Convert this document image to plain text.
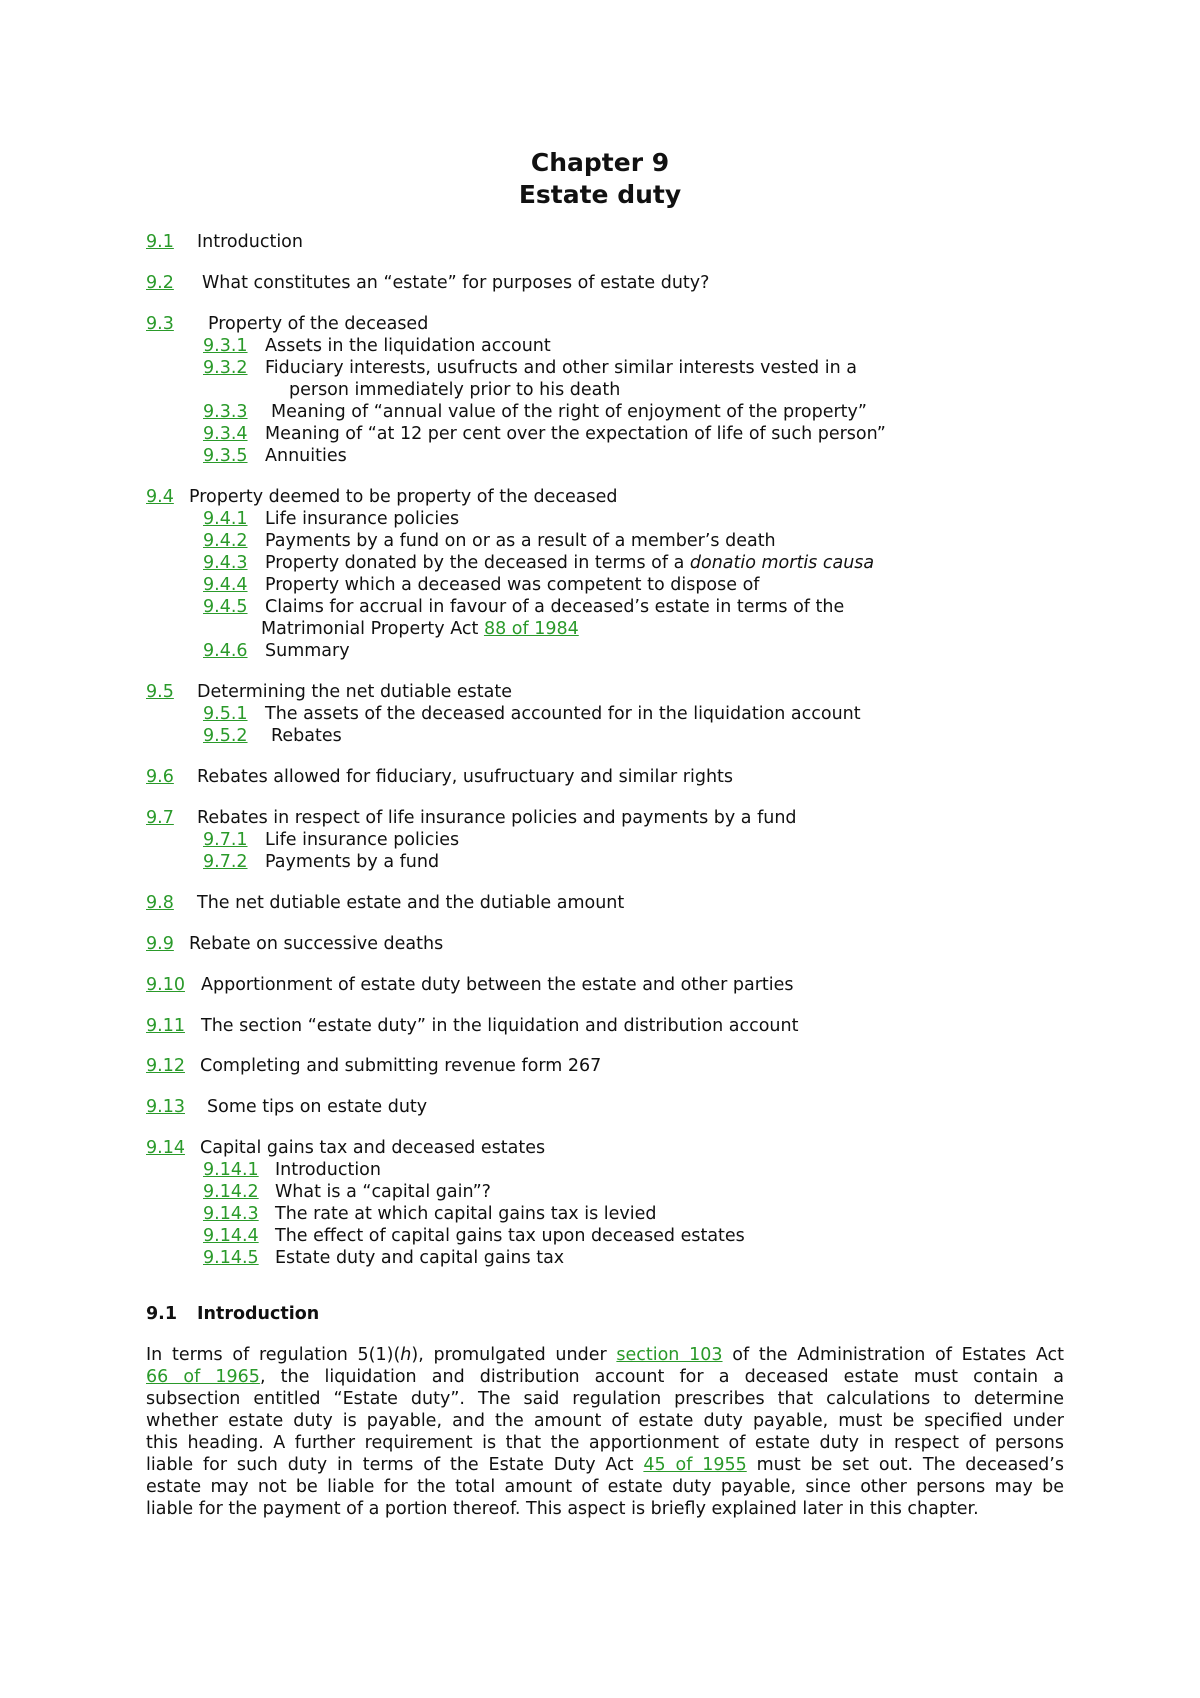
Chapter 9
Estate duty
9.1 Introduction
9.2 What constitutes an “estate” for purposes of estate duty?
9.3 Property of the deceased
9.3.1 Assets in the liquidation account
9.3.2 Fiduciary interests, usufructs and other similar interests vested in a
person immediately prior to his death
9.3.3 Meaning of “annual value of the right of enjoyment of the property”
9.3.4 Meaning of “at 12 per cent over the expectation of life of such person”
9.3.5 Annuities
9.4 Property deemed to be property of the deceased
9.4.1 Life insurance policies
9.4.2 Payments by a fund on or as a result of a member’s death
9.4.3 Property donated by the deceased in terms of a donatio mortis causa
9.4.4 Property which a deceased was competent to dispose of
9.4.5 Claims for accrual in favour of a deceased’s estate in terms of the
Matrimonial Property Act 88 of 1984
9.4.6 Summary
9.5 Determining the net dutiable estate
9.5.1 The assets of the deceased accounted for in the liquidation account
9.5.2 Rebates
9.6 Rebates allowed for fiduciary, usufructuary and similar rights
9.7 Rebates in respect of life insurance policies and payments by a fund
9.7.1 Life insurance policies
9.7.2 Payments by a fund
9.8 The net dutiable estate and the dutiable amount
9.9 Rebate on successive deaths
9.10 Apportionment of estate duty between the estate and other parties
9.11 The section “estate duty” in the liquidation and distribution account
9.12 Completing and submitting revenue form 267
9.13 Some tips on estate duty
9.14 Capital gains tax and deceased estates
9.14.1 Introduction
9.14.2 What is a “capital gain”?
9.14.3 The rate at which capital gains tax is levied
9.14.4 The effect of capital gains tax upon deceased estates
9.14.5 Estate duty and capital gains tax
9.1 Introduction
In terms of regulation 5(1)(h), promulgated under section 103 of the Administration of Estates Act
66 of 1965, the liquidation and distribution account for a deceased estate must contain a
subsection entitled “Estate duty”. The said regulation prescribes that calculations to determine
whether estate duty is payable, and the amount of estate duty payable, must be specified under
this heading. A further requirement is that the apportionment of estate duty in respect of persons
liable for such duty in terms of the Estate Duty Act 45 of 1955 must be set out. The deceased’s
estate may not be liable for the total amount of estate duty payable, since other persons may be
liable for the payment of a portion thereof. This aspect is briefly explained later in this chapter.
